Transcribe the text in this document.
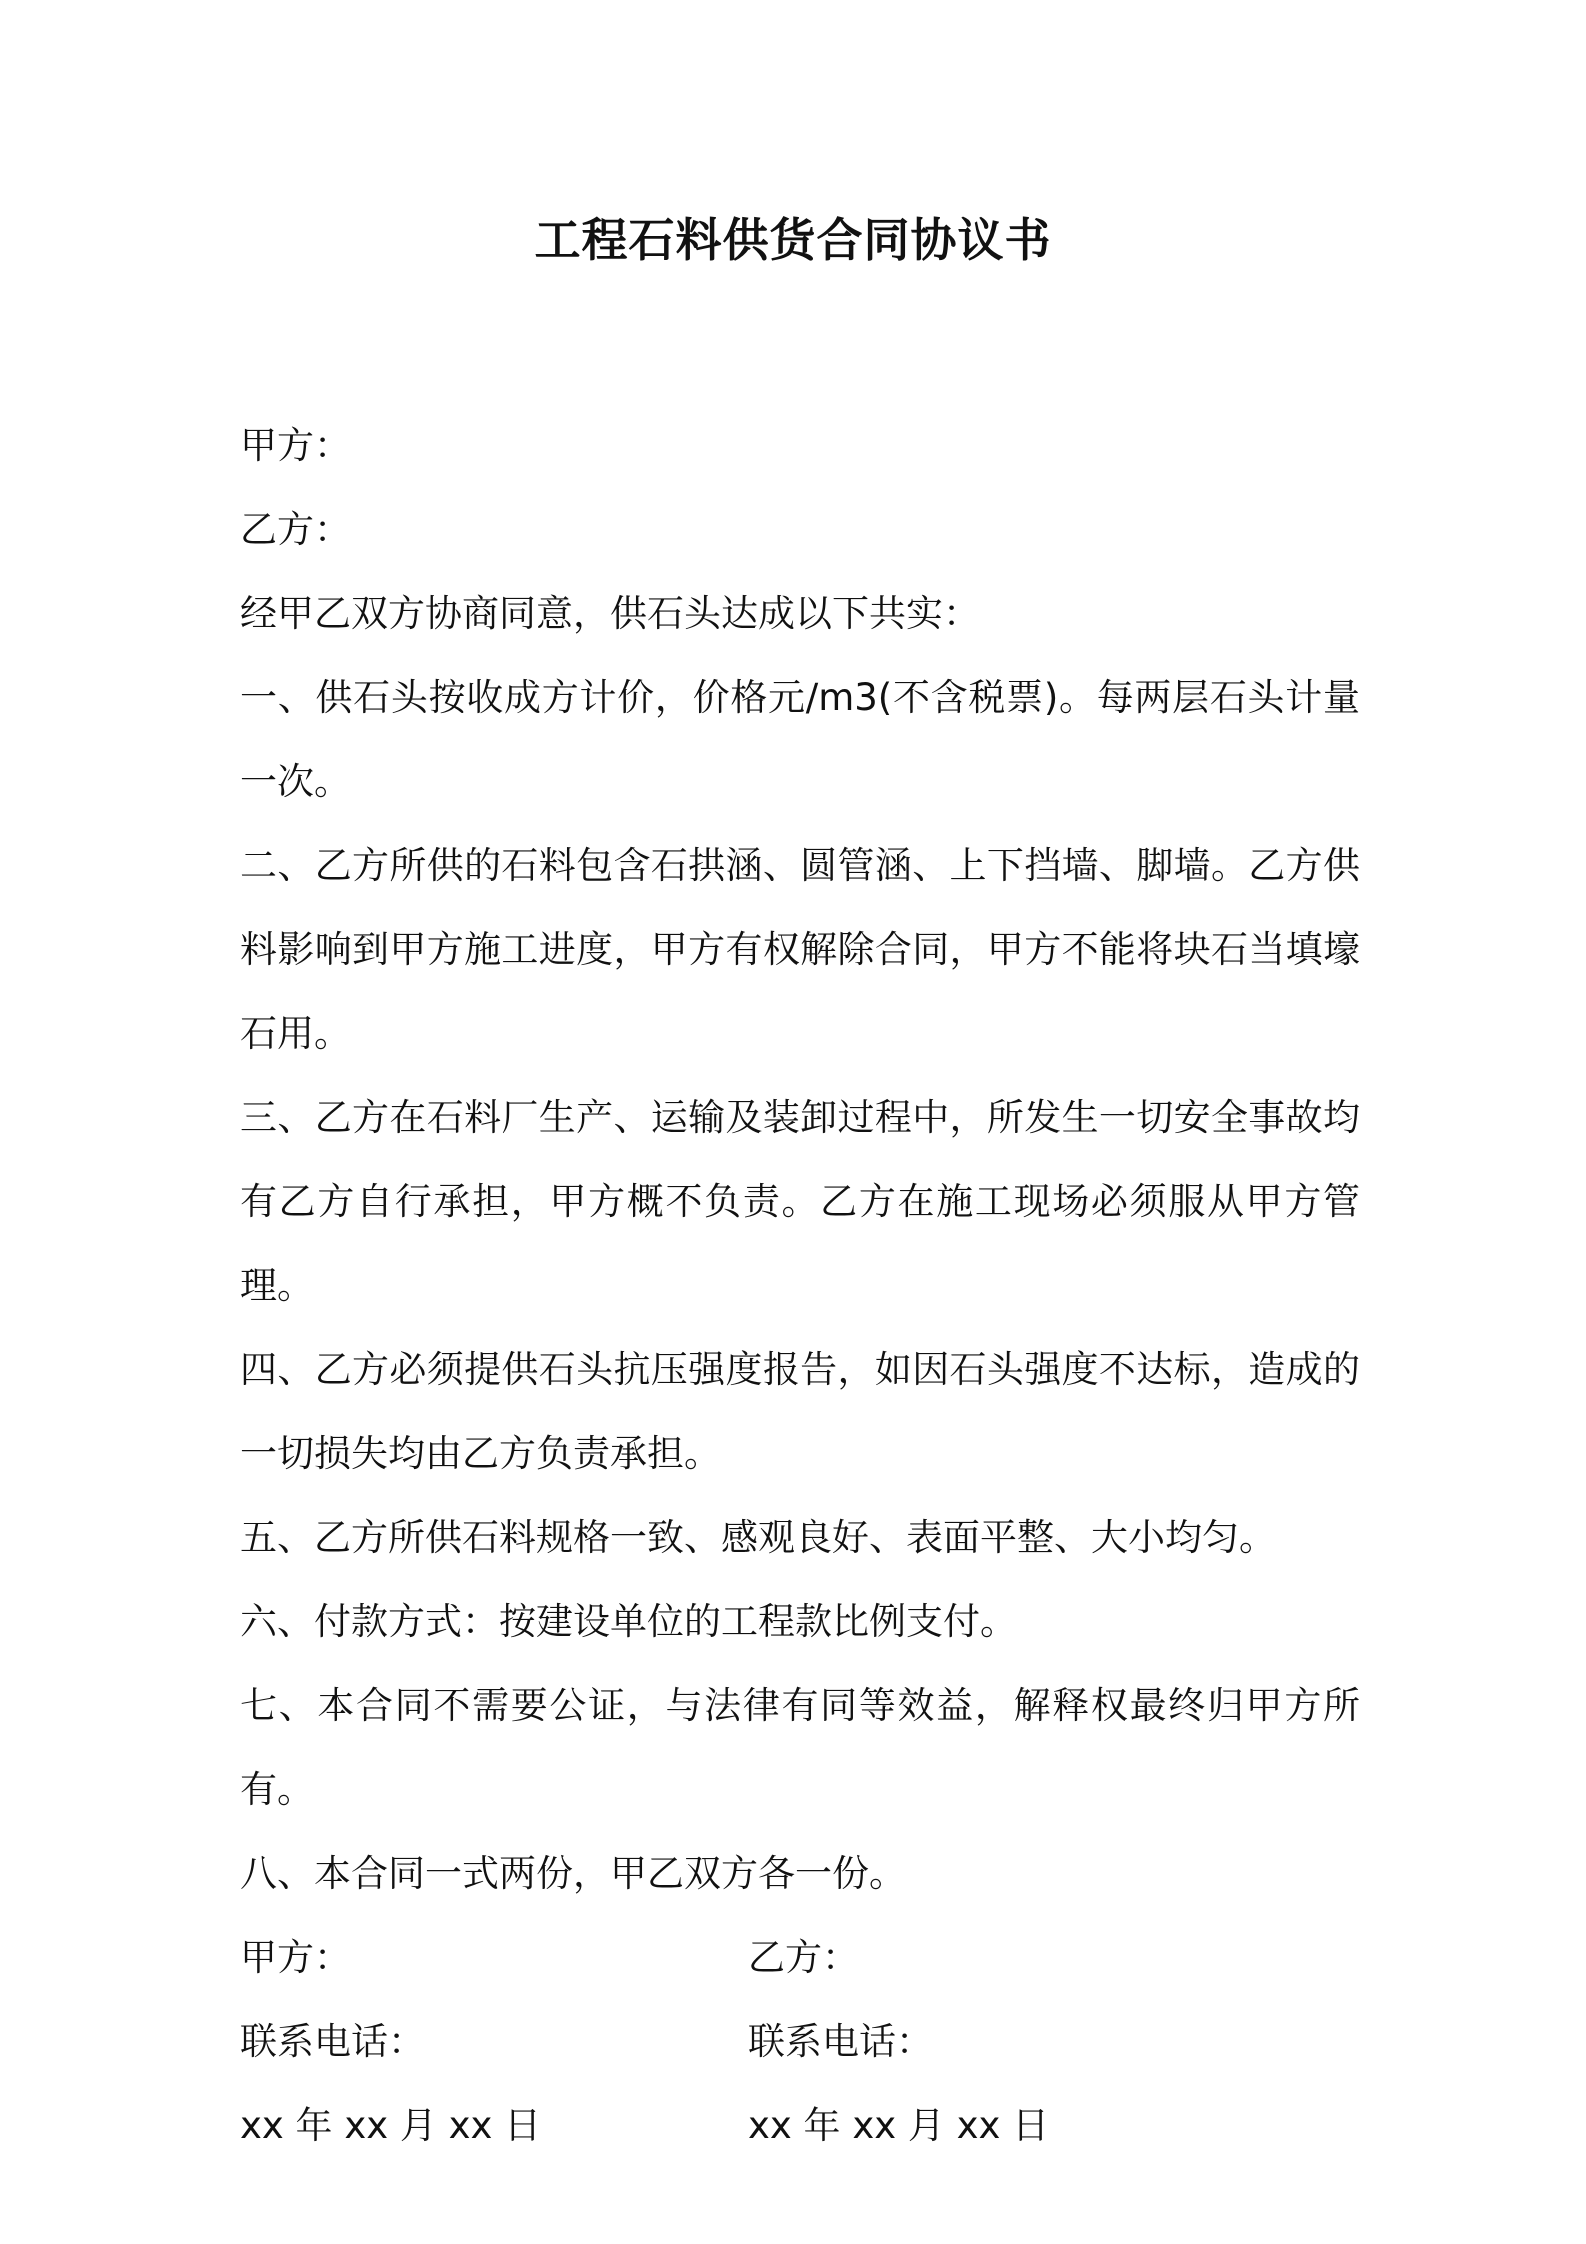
工程石料供货合同协议书
甲方：
乙方：
经甲乙双方协商同意，供石头达成以下共实：
一、供石头按收成方计价，价格元/m3(不含税票)。每两层石头计量一次。
二、乙方所供的石料包含石拱涵、圆管涵、上下挡墙、脚墙。乙方供料影响到甲方施工进度，甲方有权解除合同，甲方不能将块石当填壕石用。
三、乙方在石料厂生产、运输及装卸过程中，所发生一切安全事故均有乙方自行承担，甲方概不负责。乙方在施工现场必须服从甲方管理。
四、乙方必须提供石头抗压强度报告，如因石头强度不达标，造成的一切损失均由乙方负责承担。
五、乙方所供石料规格一致、感观良好、表面平整、大小均匀。
六、付款方式：按建设单位的工程款比例支付。
七、本合同不需要公证，与法律有同等效益，解释权最终归甲方所有。
八、本合同一式两份，甲乙双方各一份。
甲方：	乙方：
联系电话：	联系电话：
xx 年 xx 月 xx 日	xx 年 xx 月 xx 日
